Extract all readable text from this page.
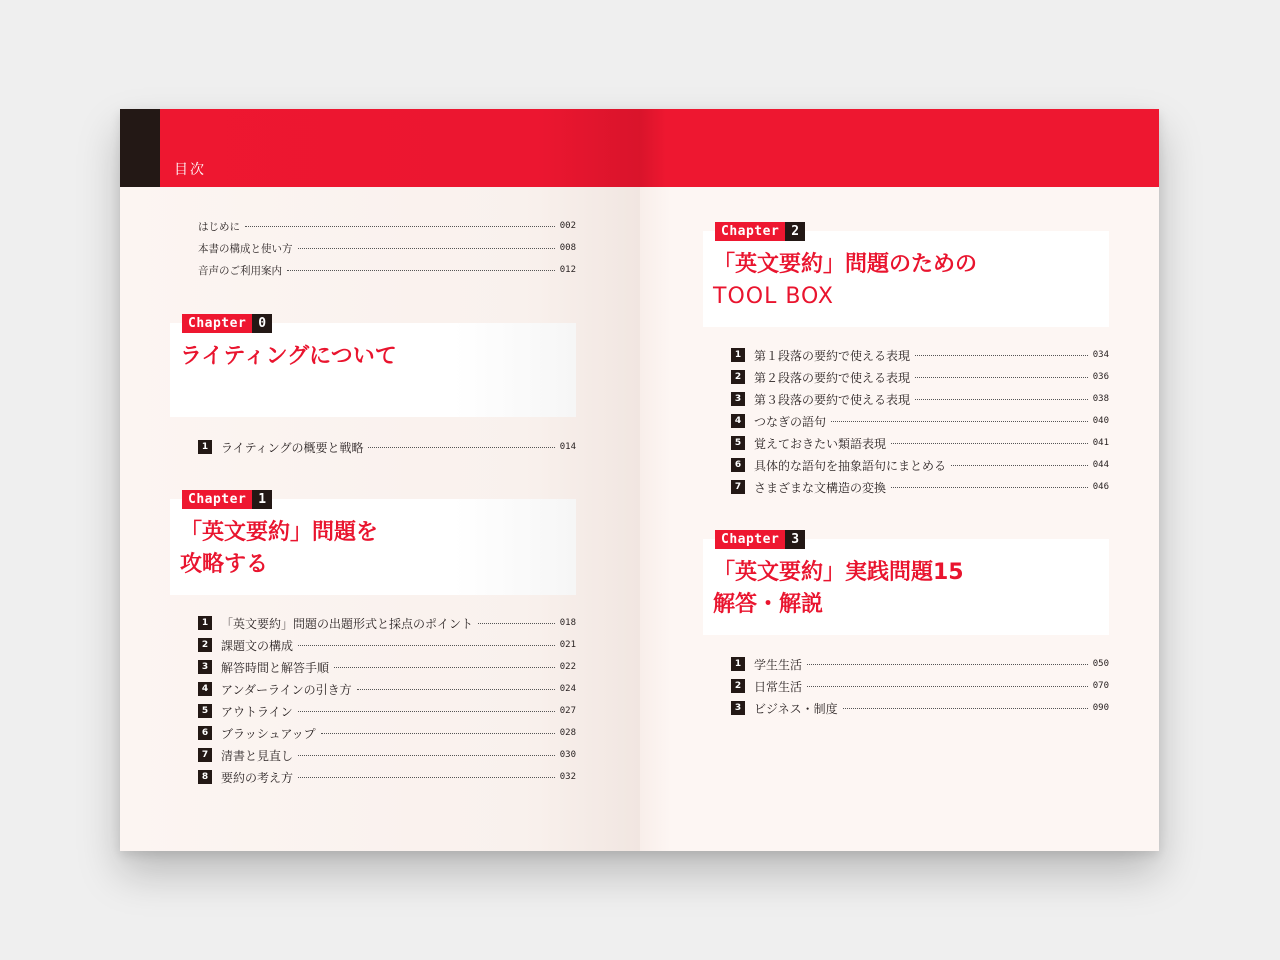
目次
はじめに	002
本書の構成と使い方	008
音声のご利用案内	012
Chapter 0
ライティングについて
1	ライティングの概要と戦略	014
Chapter 1
「英文要約」問題を
攻略する
1	「英文要約」問題の出題形式と採点のポイント	018
2	課題文の構成	021
3	解答時間と解答手順	022
4	アンダーラインの引き方	024
5	アウトライン	027
6	ブラッシュアップ	028
7	清書と見直し	030
8	要約の考え方	032
Chapter 2
「英文要約」問題のための
TOOL BOX
1	第１段落の要約で使える表現	034
2	第２段落の要約で使える表現	036
3	第３段落の要約で使える表現	038
4	つなぎの語句	040
5	覚えておきたい類語表現	041
6	具体的な語句を抽象語句にまとめる	044
7	さまざまな文構造の変換	046
Chapter 3
「英文要約」実践問題15
解答・解説
1	学生生活	050
2	日常生活	070
3	ビジネス・制度	090
